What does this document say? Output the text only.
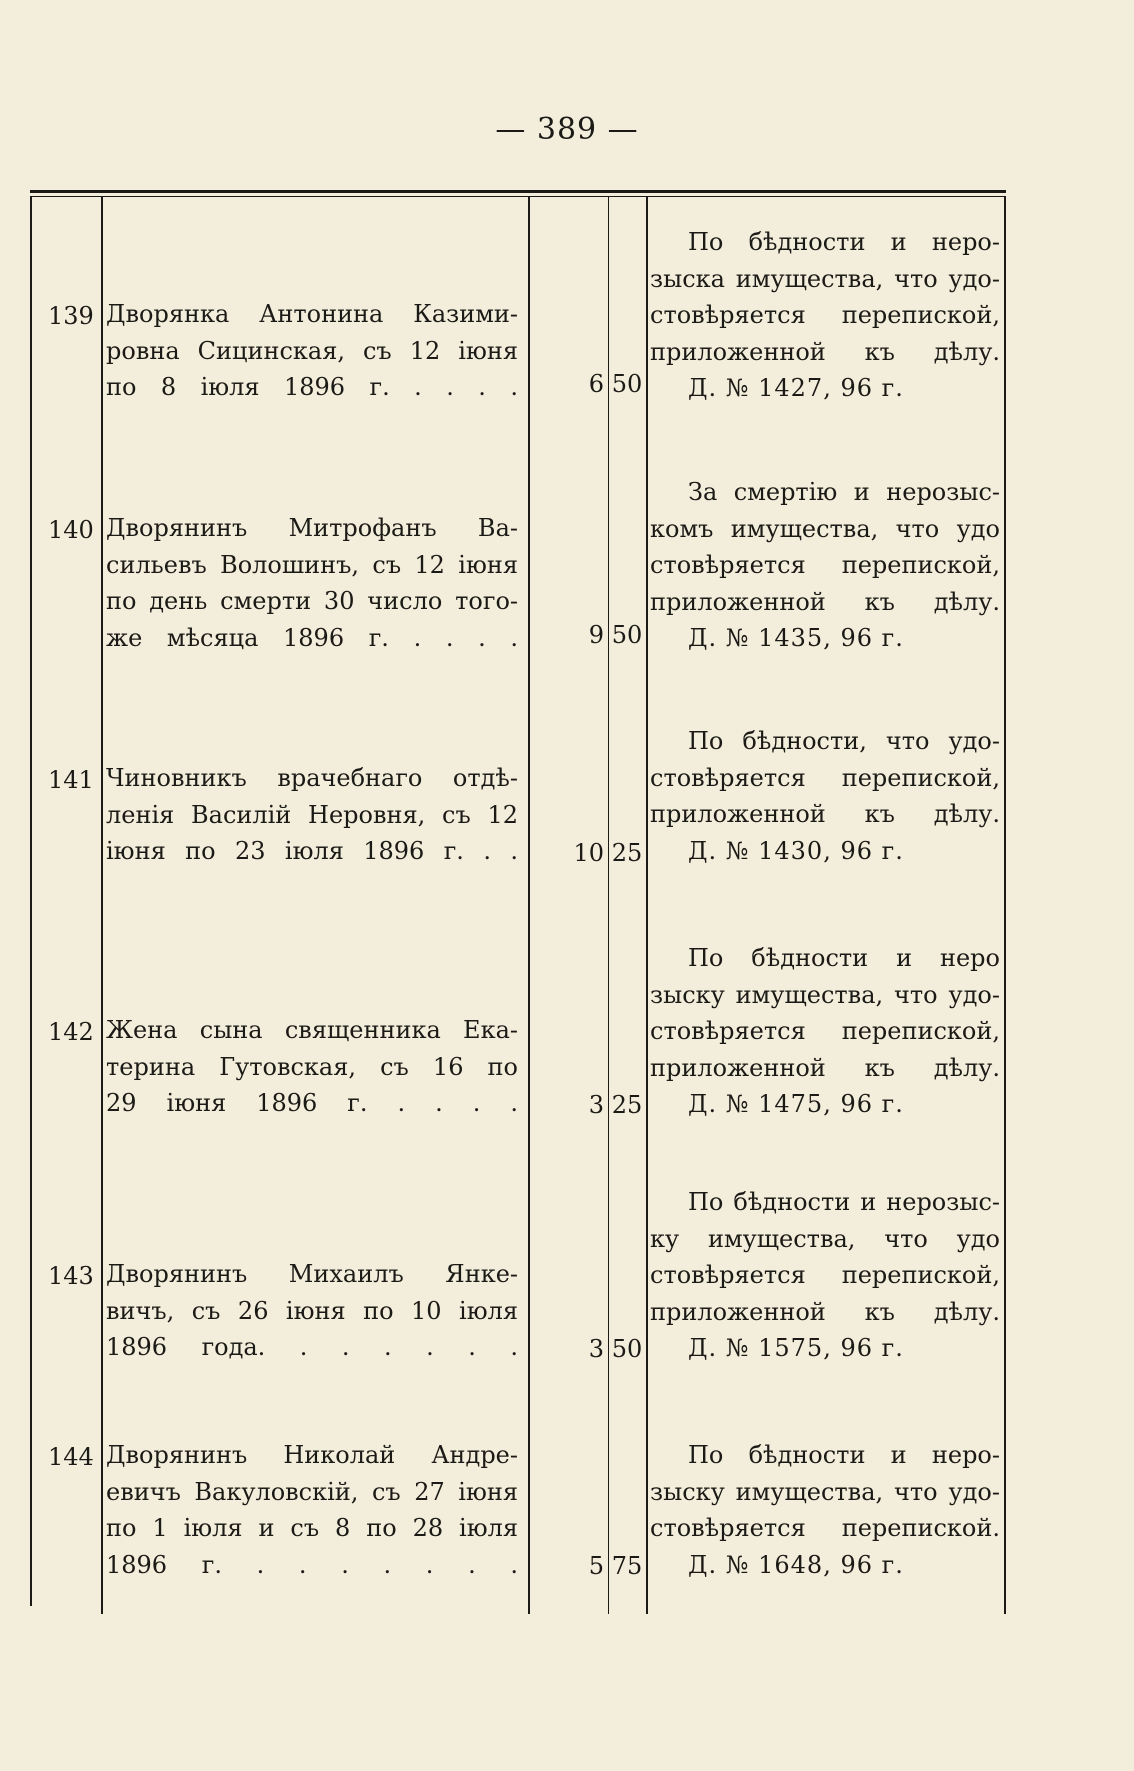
— 389 —
139 Дворянка Антонина Казими-
ровна Сицинская, съ 12 іюня
по 8 іюля 1896 г. . . . .	6 50
По бѣдности и неро-
зыска имущества, что удо-
стовѣряется перепиской,
приложенной къ дѣлу.
Д. № 1427, 96 г.
140 Дворянинъ Митрофанъ Ва-
сильевъ Волошинъ, съ 12 іюня
по день смерти 30 число того-
же мѣсяца 1896 г. . . . .	9 50
За смертію и нерозыс-
комъ имущества, что удо
стовѣряется перепиской,
приложенной къ дѣлу.
Д. № 1435, 96 г.
141 Чиновникъ врачебнаго отдѣ-
ленія Василій Неровня, съ 12
іюня по 23 іюля 1896 г. . .	10 25
По бѣдности, что удо-
стовѣряется перепиской,
приложенной къ дѣлу.
Д. № 1430, 96 г.
142 Жена сына священника Ека-
терина Гутовская, съ 16 по
29 іюня 1896 г. . . . .	3 25
По бѣдности и неро
зыску имущества, что удо-
стовѣряется перепиской,
приложенной къ дѣлу.
Д. № 1475, 96 г.
143 Дворянинъ Михаилъ Янке-
вичъ, съ 26 іюня по 10 іюля
1896 года. . . . . . .	3 50
По бѣдности и нерозыс-
ку имущества, что удо
стовѣряется перепиской,
приложенной къ дѣлу.
Д. № 1575, 96 г.
144 Дворянинъ Николай Андре-
евичъ Вакуловскій, съ 27 іюня
по 1 іюля и съ 8 по 28 іюля
1896 г. . . . . . . .	5 75
По бѣдности и неро-
зыску имущества, что удо-
стовѣряется перепиской.
Д. № 1648, 96 г.
